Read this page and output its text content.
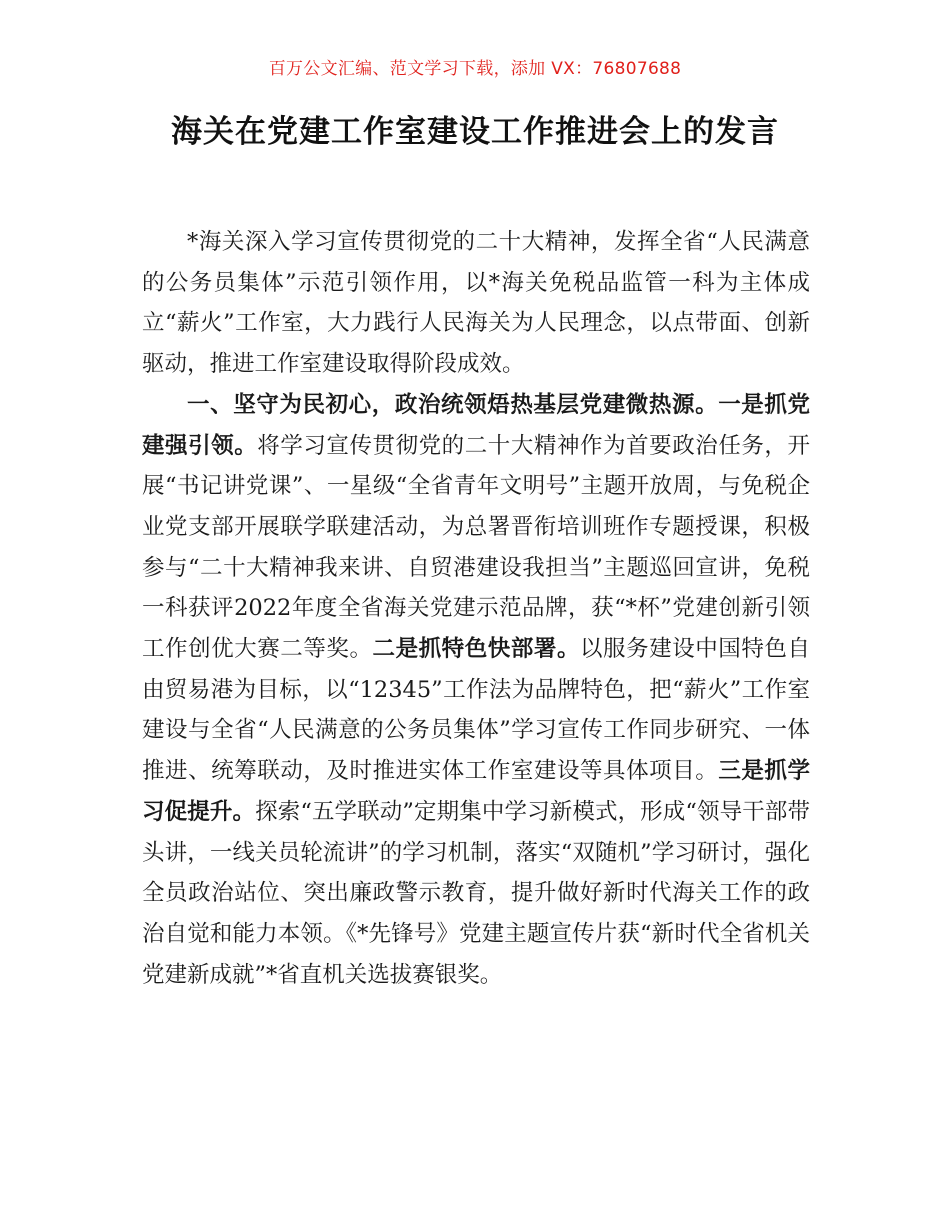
百万公文汇编、范文学习下载，添加 VX：76807688
海关在党建工作室建设工作推进会上的发言

*海关深入学习宣传贯彻党的二十大精神，发挥全省“人民满意的公务员集体”示范引领作用，以*海关免税品监管一科为主体成立“薪火”工作室，大力践行人民海关为人民理念，以点带面、创新驱动，推进工作室建设取得阶段成效。

一、坚守为民初心，政治统领焐热基层党建微热源。一是抓党建强引领。将学习宣传贯彻党的二十大精神作为首要政治任务，开展“书记讲党课”、一星级“全省青年文明号”主题开放周，与免税企业党支部开展联学联建活动，为总署晋衔培训班作专题授课，积极参与“二十大精神我来讲、自贸港建设我担当”主题巡回宣讲，免税一科获评2022年度全省海关党建示范品牌，获“*杯”党建创新引领工作创优大赛二等奖。二是抓特色快部署。以服务建设中国特色自由贸易港为目标，以“12345”工作法为品牌特色，把“薪火”工作室建设与全省“人民满意的公务员集体”学习宣传工作同步研究、一体推进、统筹联动，及时推进实体工作室建设等具体项目。三是抓学习促提升。探索“五学联动”定期集中学习新模式，形成“领导干部带头讲，一线关员轮流讲”的学习机制，落实“双随机”学习研讨，强化全员政治站位、突出廉政警示教育，提升做好新时代海关工作的政治自觉和能力本领。《*先锋号》党建主题宣传片获“新时代全省机关党建新成就”*省直机关选拔赛银奖。
